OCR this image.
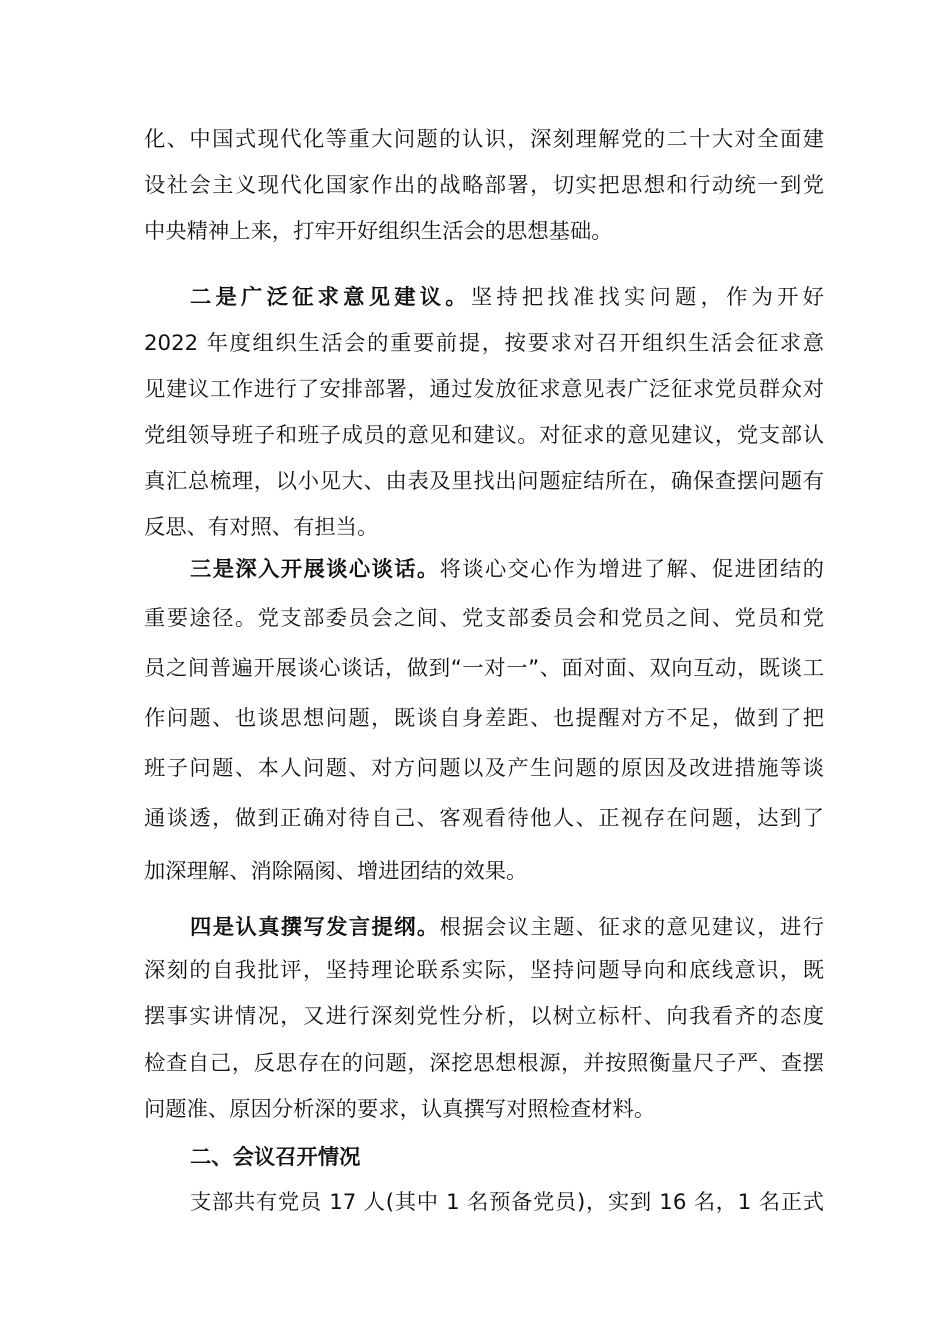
化、中国式现代化等重大问题的认识，深刻理解党的二十大对全面建
设社会主义现代化国家作出的战略部署，切实把思想和行动统一到党
中央精神上来，打牢开好组织生活会的思想基础。
二是广泛征求意见建议。坚持把找准找实问题，作为开好
2022 年度组织生活会的重要前提，按要求对召开组织生活会征求意
见建议工作进行了安排部署，通过发放征求意见表广泛征求党员群众对
党组领导班子和班子成员的意见和建议。对征求的意见建议，党支部认
真汇总梳理，以小见大、由表及里找出问题症结所在，确保查摆问题有
反思、有对照、有担当。
三是深入开展谈心谈话。将谈心交心作为增进了解、促进团结的
重要途径。党支部委员会之间、党支部委员会和党员之间、党员和党
员之间普遍开展谈心谈话，做到“一对一”、面对面、双向互动，既谈工
作问题、也谈思想问题，既谈自身差距、也提醒对方不足，做到了把
班子问题、本人问题、对方问题以及产生问题的原因及改进措施等谈
通谈透，做到正确对待自己、客观看待他人、正视存在问题，达到了
加深理解、消除隔阂、增进团结的效果。
四是认真撰写发言提纲。根据会议主题、征求的意见建议，进行
深刻的自我批评，坚持理论联系实际，坚持问题导向和底线意识，既
摆事实讲情况，又进行深刻党性分析，以树立标杆、向我看齐的态度
检查自己，反思存在的问题，深挖思想根源，并按照衡量尺子严、查摆
问题准、原因分析深的要求，认真撰写对照检查材料。
二、会议召开情况
支部共有党员 17 人(其中 1 名预备党员)，实到 16 名，1 名正式
